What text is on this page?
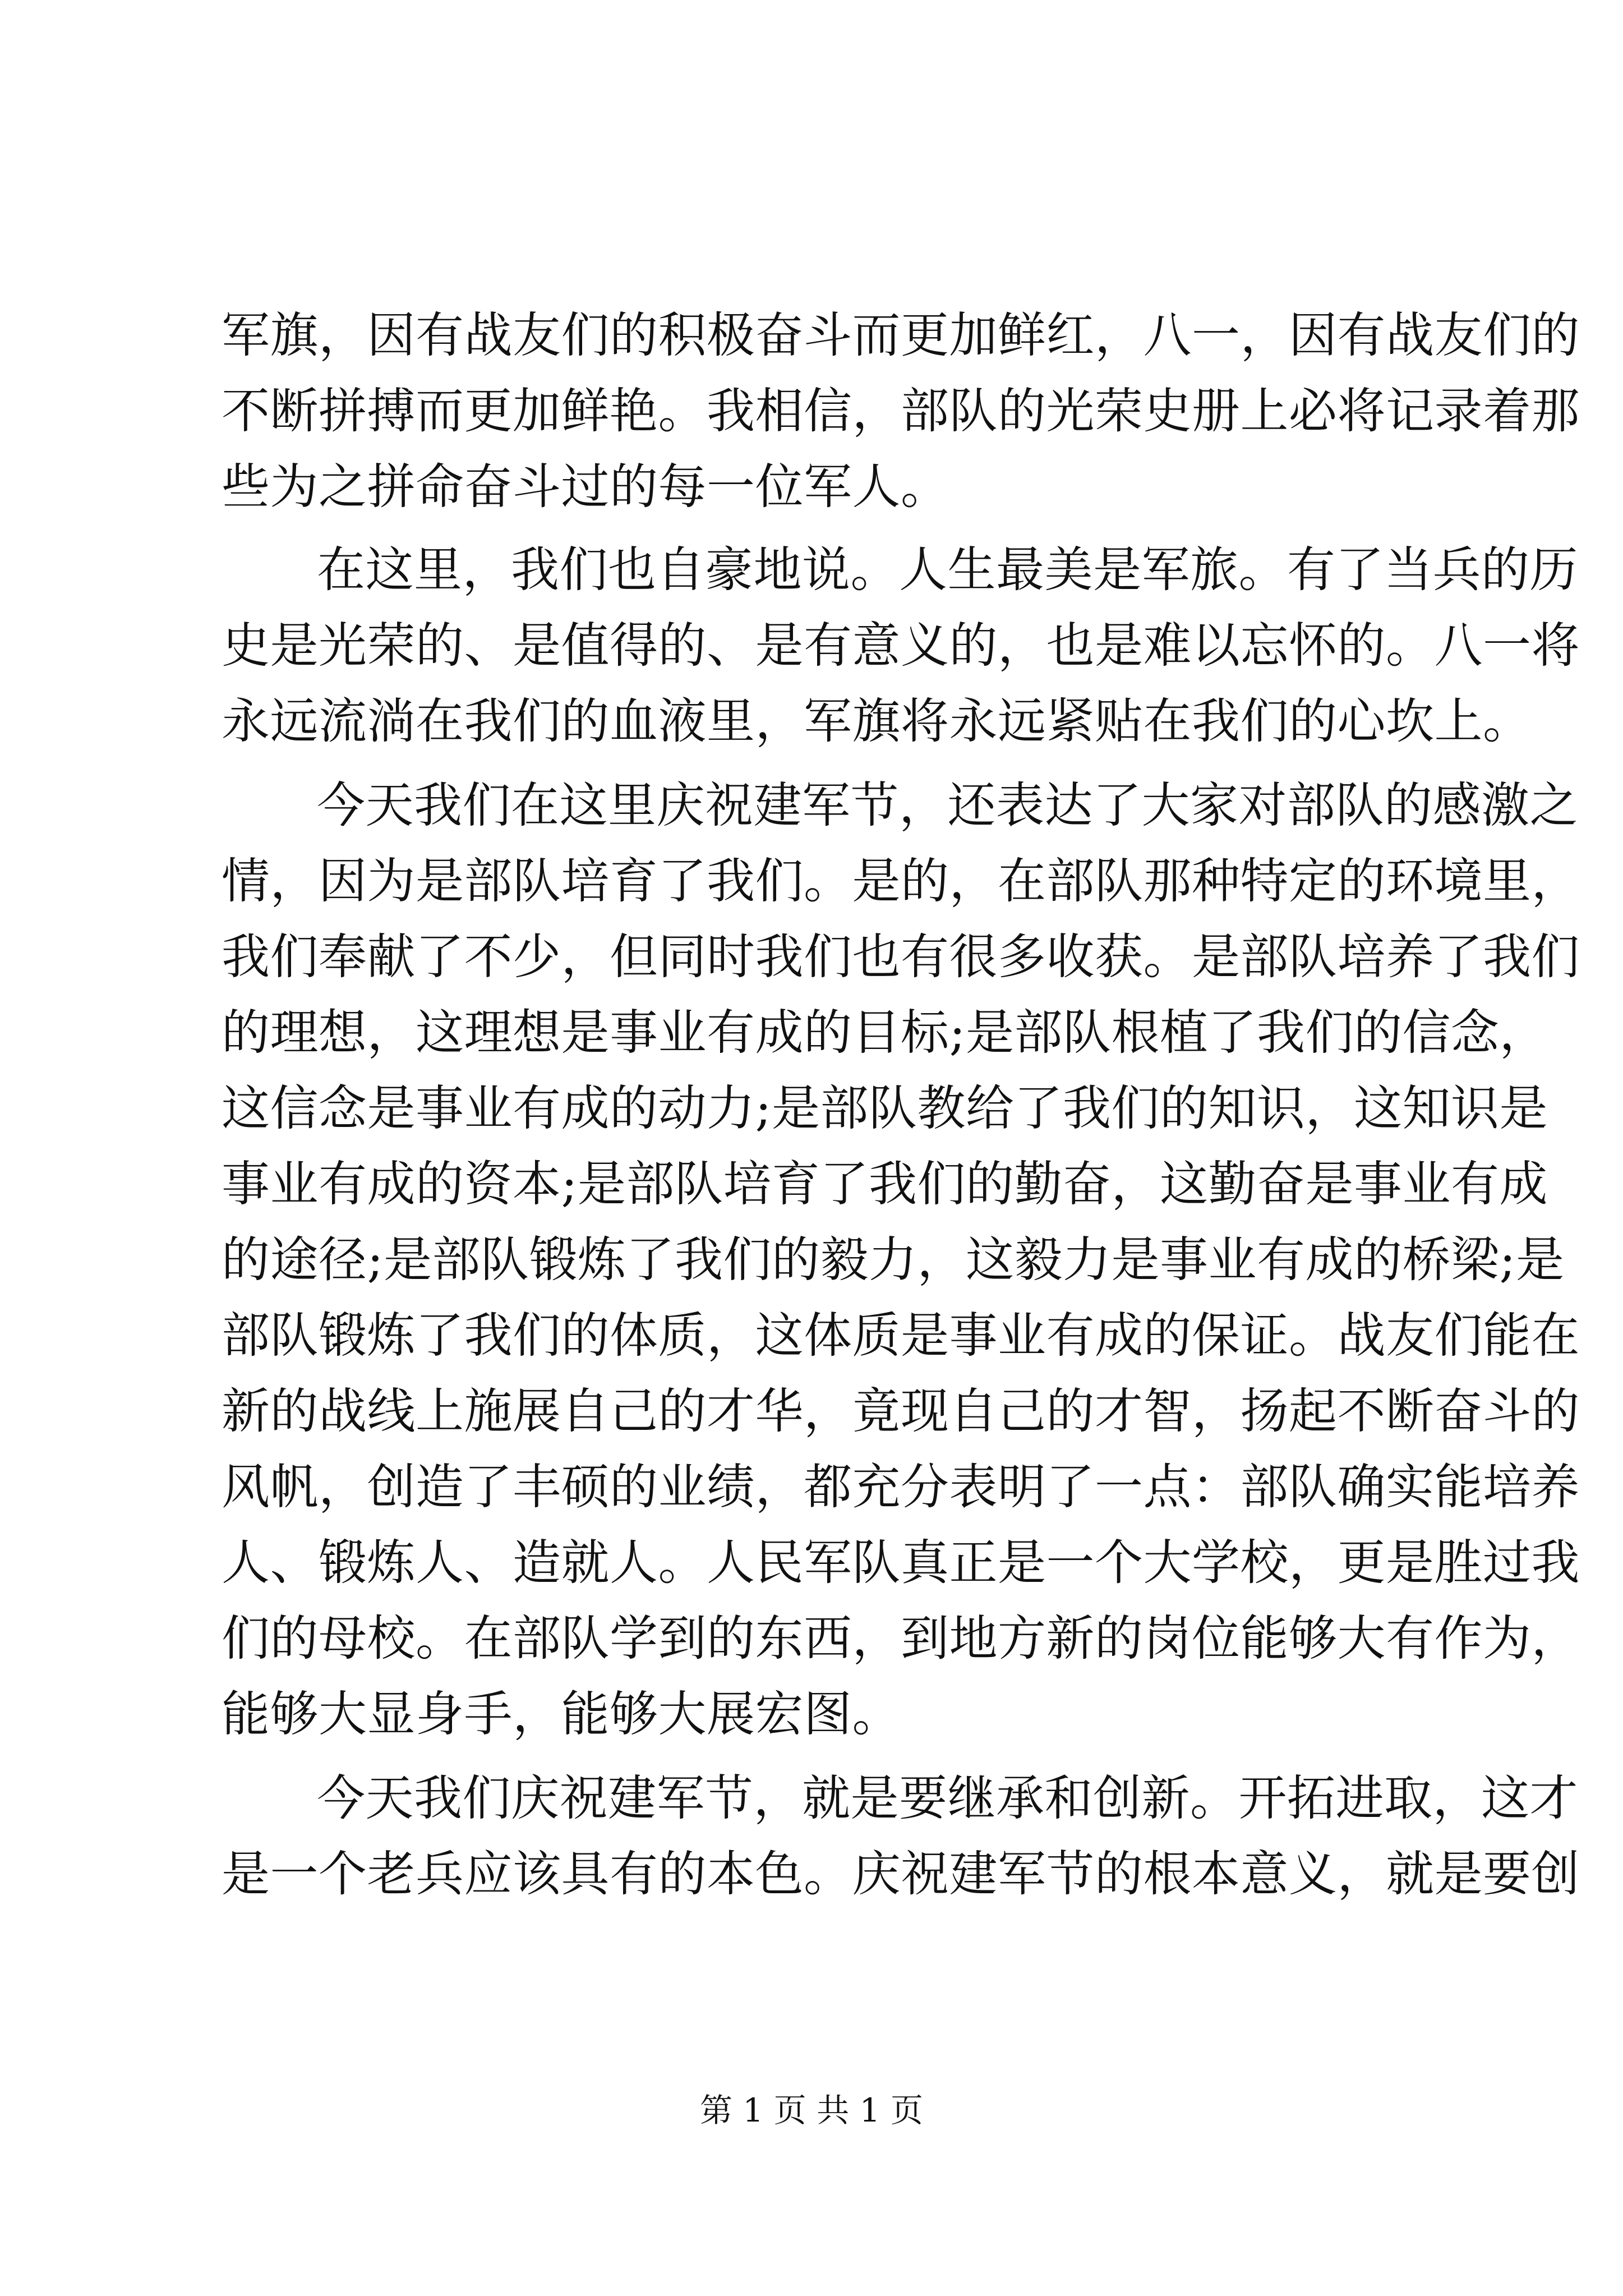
军旗，因有战友们的积极奋斗而更加鲜红，八一，因有战友们的
不断拼搏而更加鲜艳。我相信，部队的光荣史册上必将记录着那
些为之拼命奋斗过的每一位军人。
在这里，我们也自豪地说。人生最美是军旅。有了当兵的历
史是光荣的、是值得的、是有意义的，也是难以忘怀的。八一将
永远流淌在我们的血液里，军旗将永远紧贴在我们的心坎上。
今天我们在这里庆祝建军节，还表达了大家对部队的感激之
情，因为是部队培育了我们。是的，在部队那种特定的环境里，
我们奉献了不少，但同时我们也有很多收获。是部队培养了我们
的理想，这理想是事业有成的目标;是部队根植了我们的信念，
这信念是事业有成的动力;是部队教给了我们的知识，这知识是
事业有成的资本;是部队培育了我们的勤奋，这勤奋是事业有成
的途径;是部队锻炼了我们的毅力，这毅力是事业有成的桥梁;是
部队锻炼了我们的体质，这体质是事业有成的保证。战友们能在
新的战线上施展自己的才华，竟现自己的才智，扬起不断奋斗的
风帆，创造了丰硕的业绩，都充分表明了一点：部队确实能培养
人、锻炼人、造就人。人民军队真正是一个大学校，更是胜过我
们的母校。在部队学到的东西，到地方新的岗位能够大有作为，
能够大显身手，能够大展宏图。
今天我们庆祝建军节，就是要继承和创新。开拓进取，这才
是一个老兵应该具有的本色。庆祝建军节的根本意义，就是要创
第 1 页 共 1 页
